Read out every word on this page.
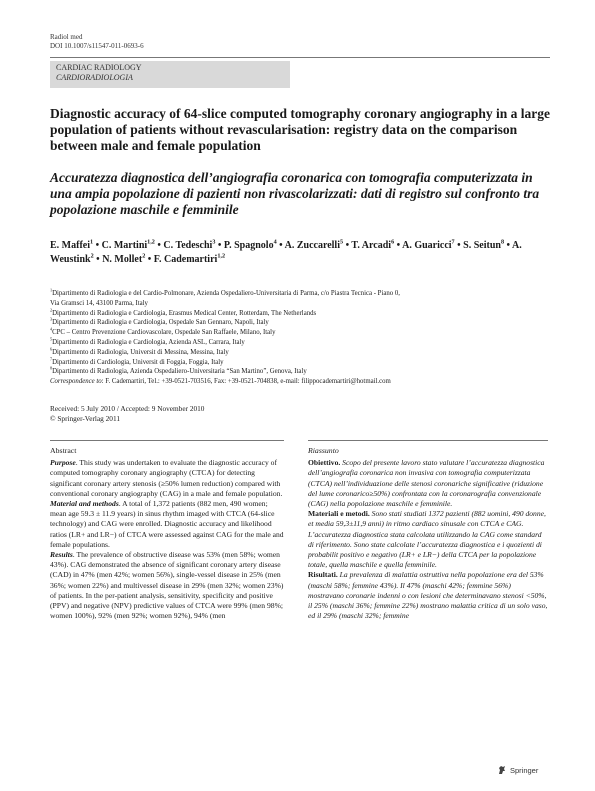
Radiol med
DOI 10.1007/s11547-011-0693-6
CARDIAC RADIOLOGY
CARDIORADIOLOGIA
Diagnostic accuracy of 64-slice computed tomography coronary angiography in a large population of patients without revascularisation: registry data on the comparison between male and female population
Accuratezza diagnostica dell’angiografia coronarica con tomografia computerizzata in una ampia popolazione di pazienti non rivascolarizzati: dati di registro sul confronto tra popolazione maschile e femminile

E. Maffei$^1$ • C. Martini$^{1,2}$ • C. Tedeschi$^3$ • P. Spagnolo$^4$ • A. Zuccarelli$^5$ • T. Arcadi$^6$ • A. Guaricci$^7$ • S. Seitun$^8$ • A. Weustink$^2$ • N. Mollet$^2$ • F. Cademartiri$^{1,2}$

$^1$Dipartimento di Radiologia e del Cardio-Polmonare, Azienda Ospedaliero-Universitaria di Parma, c/o Piastra Tecnica - Piano 0,
Via Gramsci 14, 43100 Parma, Italy
$^2$Dipartimento di Radiologia e Cardiologia, Erasmus Medical Center, Rotterdam, The Netherlands
$^3$Dipartimento di Radiologia e Cardiologia, Ospedale San Gennaro, Napoli, Italy
$^4$CPC – Centro Prevenzione Cardiovascolare, Ospedale San Raffaele, Milano, Italy
$^5$Dipartimento di Radiologia e Cardiologia, Azienda ASL, Carrara, Italy
$^6$Dipartimento di Radiologia, Universit di Messina, Messina, Italy
$^7$Dipartimento di Cardiologia, Universit di Foggia, Foggia, Italy
$^8$Dipartimento di Radiologia, Azienda Ospedaliero-Universitaria “San Martino”, Genova, Italy
Correspondence to: F. Cademartiri, Tel.: +39-0521-703516, Fax: +39-0521-704838, e-mail: filippocademartiri@hotmail.com
Received: 5 July 2010 / Accepted: 9 November 2010
© Springer-Verlag 2011
Abstract

Purpose. This study was undertaken to evaluate the diagnostic accuracy of computed tomography coronary angiography (CTCA) for detecting significant coronary artery stenosis (≥50% lumen reduction) compared with conventional coronary angiography (CAG) in a male and female population.

Material and methods. A total of 1,372 patients (882 men, 490 women; mean age 59.3 ± 11.9 years) in sinus rhythm imaged with CTCA (64-slice technology) and CAG were enrolled. Diagnostic accuracy and likelihood ratios (LR+ and LR−) of CTCA were assessed against CAG for the male and female populations.

Results. The prevalence of obstructive disease was 53% (men 58%; women 43%). CAG demonstrated the absence of significant coronary artery disease (CAD) in 47% (men 42%; women 56%), single-vessel disease in 25% (men 36%; women 22%) and multivessel disease in 29% (men 32%; women 23%) of patients. In the per-patient analysis, sensitivity, specificity and positive (PPV) and negative (NPV) predictive values of CTCA were 99% (men 98%; women 100%), 92% (men 92%; women 92%), 94% (men

Riassunto

Obiettivo. Scopo del presente lavoro stato valutare l’accuratezza diagnostica dell’angiografia coronarica non invasiva con tomografia computerizzata (CTCA) nell’individuazione delle stenosi coronariche significative (riduzione del lume coronarico≥50%) confrontata con la coronarografia convenzionale (CAG) nella popolazione maschile e femminile.

Materiali e metodi. Sono stati studiati 1372 pazienti (882 uomini, 490 donne, et media 59,3±11,9 anni) in ritmo cardiaco sinusale con CTCA e CAG. L’accuratezza diagnostica stata calcolata utilizzando la CAG come standard di riferimento. Sono state calcolate l’accuratezza diagnostica e i quozienti di probabilit positivo e negativo (LR+ e LR−) della CTCA per la popolazione totale, quella maschile e quella femminile.

Risultati. La prevalenza di malattia ostruttiva nella popolazione era del 53% (maschi 58%; femmine 43%). Il 47% (maschi 42%; femmine 56%) mostravano coronarie indenni o con lesioni che determinavano stenosi <50%, il 25% (maschi 36%; femmine 22%) mostrano malattia critica di un solo vaso, ed il 29% (maschi 32%; femmine

Springer
